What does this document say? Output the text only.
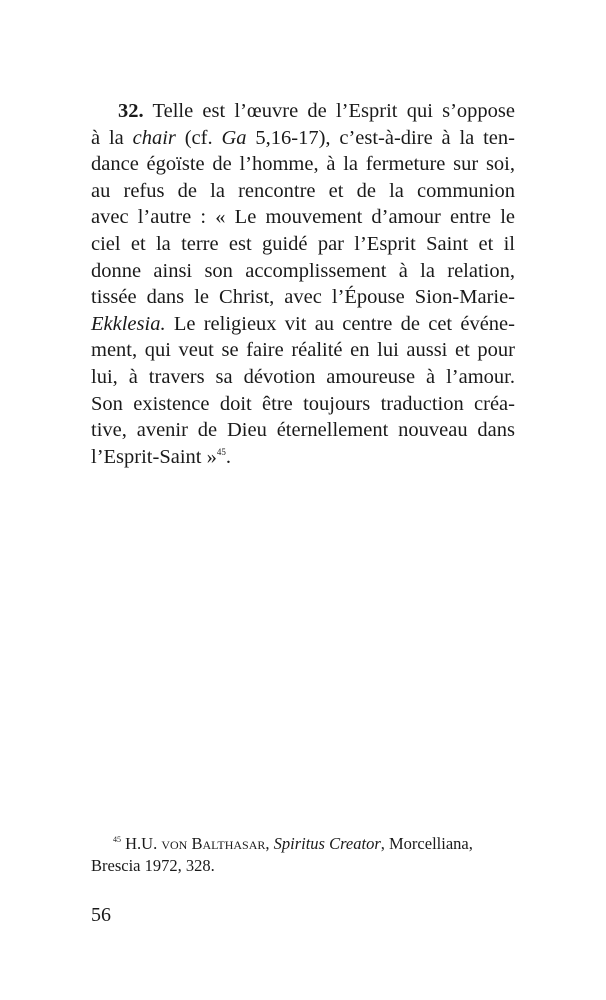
32. Telle est l’œuvre de l’Esprit qui s’oppose
à la chair (cf. Ga 5,16-17), c’est-à-dire à la ten-
dance égoïste de l’homme, à la fermeture sur soi,
au refus de la rencontre et de la communion
avec l’autre : « Le mouvement d’amour entre le
ciel et la terre est guidé par l’Esprit Saint et il
donne ainsi son accomplissement à la relation,
tissée dans le Christ, avec l’Épouse Sion-Marie-
Ekklesia. Le religieux vit au centre de cet événe-
ment, qui veut se faire réalité en lui aussi et pour
lui, à travers sa dévotion amoureuse à l’amour.
Son existence doit être toujours traduction créa-
tive, avenir de Dieu éternellement nouveau dans
l’Esprit-Saint »$^{45}$.
$^{45}$ H.U. von Balthasar, Spiritus Creator, Morcelliana,
Brescia 1972, 328.
56
